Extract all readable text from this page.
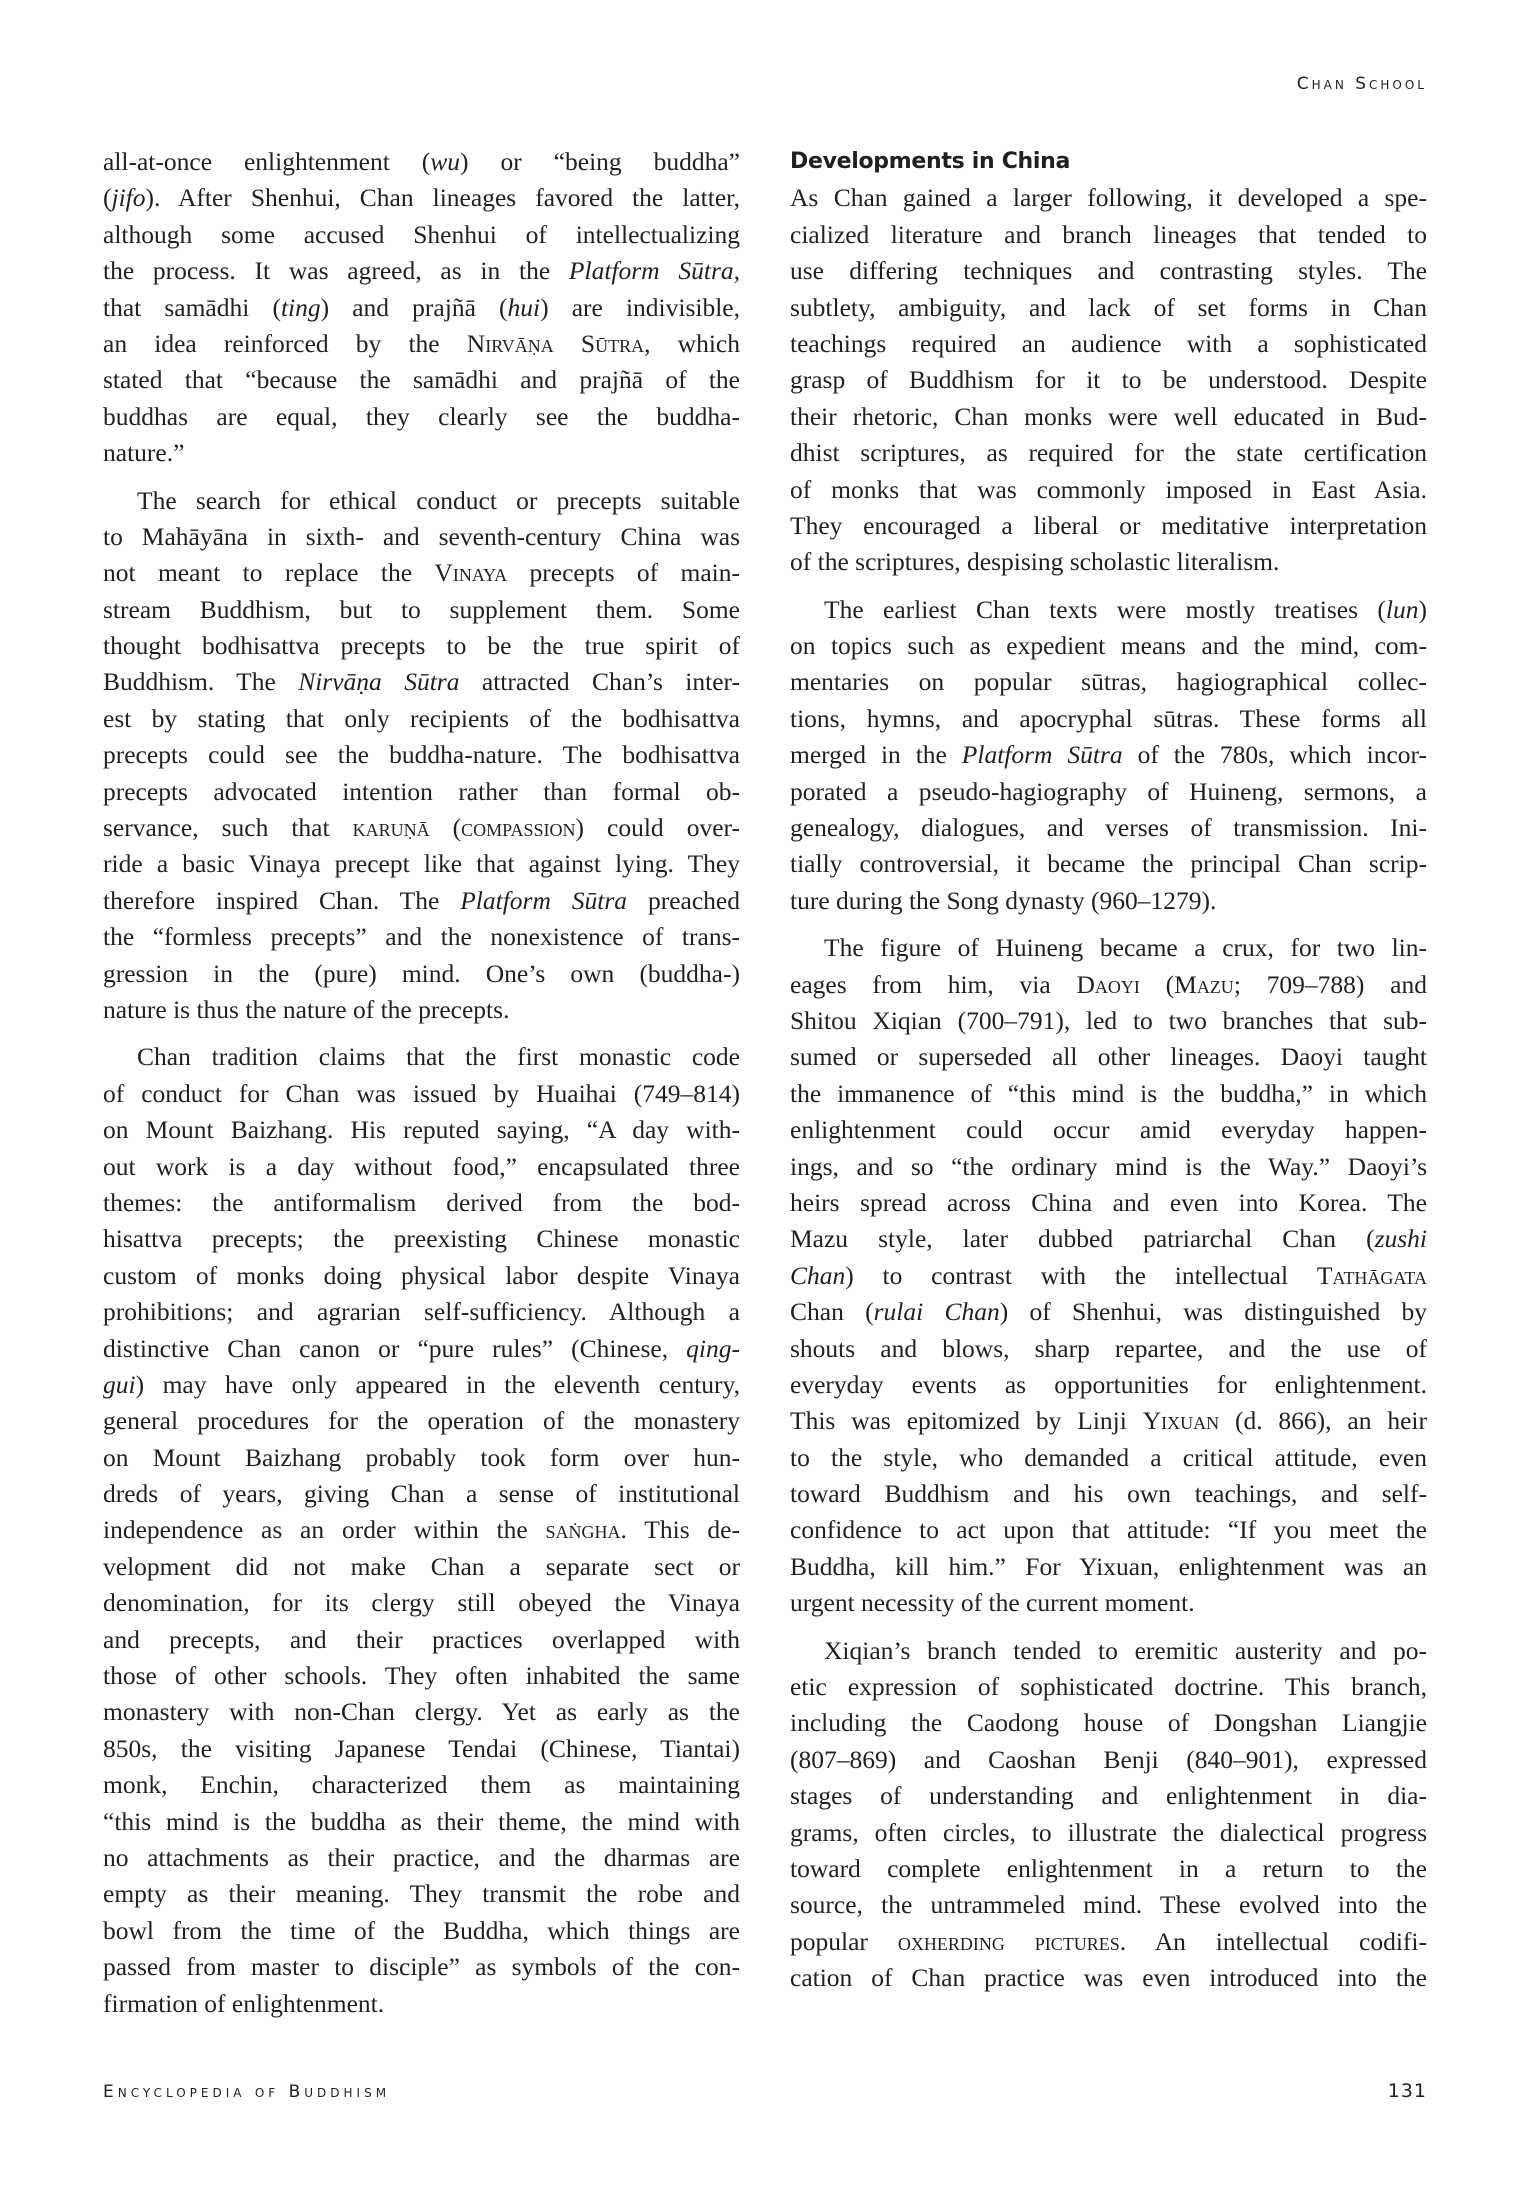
Chan School
all-at-once enlightenment (wu) or “being buddha”
(jifo). After Shenhui, Chan lineages favored the latter,
although some accused Shenhui of intellectualizing
the process. It was agreed, as in the Platform Sūtra,
that samādhi (ting) and prajñā (hui) are indivisible,
an idea reinforced by the Nirvāṇa Sūtra, which
stated that “because the samādhi and prajñā of the
buddhas are equal, they clearly see the buddha-
nature.”
The search for ethical conduct or precepts suitable
to Mahāyāna in sixth- and seventh-century China was
not meant to replace the Vinaya precepts of main-
stream Buddhism, but to supplement them. Some
thought bodhisattva precepts to be the true spirit of
Buddhism. The Nirvāṇa Sūtra attracted Chan’s inter-
est by stating that only recipients of the bodhisattva
precepts could see the buddha-nature. The bodhisattva
precepts advocated intention rather than formal ob-
servance, such that karuṇā (compassion) could over-
ride a basic Vinaya precept like that against lying. They
therefore inspired Chan. The Platform Sūtra preached
the “formless precepts” and the nonexistence of trans-
gression in the (pure) mind. One’s own (buddha-)
nature is thus the nature of the precepts.
Chan tradition claims that the first monastic code
of conduct for Chan was issued by Huaihai (749–814)
on Mount Baizhang. His reputed saying, “A day with-
out work is a day without food,” encapsulated three
themes: the antiformalism derived from the bod-
hisattva precepts; the preexisting Chinese monastic
custom of monks doing physical labor despite Vinaya
prohibitions; and agrarian self-sufficiency. Although a
distinctive Chan canon or “pure rules” (Chinese, qing-
gui) may have only appeared in the eleventh century,
general procedures for the operation of the monastery
on Mount Baizhang probably took form over hun-
dreds of years, giving Chan a sense of institutional
independence as an order within the saṅgha. This de-
velopment did not make Chan a separate sect or
denomination, for its clergy still obeyed the Vinaya
and precepts, and their practices overlapped with
those of other schools. They often inhabited the same
monastery with non-Chan clergy. Yet as early as the
850s, the visiting Japanese Tendai (Chinese, Tiantai)
monk, Enchin, characterized them as maintaining
“this mind is the buddha as their theme, the mind with
no attachments as their practice, and the dharmas are
empty as their meaning. They transmit the robe and
bowl from the time of the Buddha, which things are
passed from master to disciple” as symbols of the con-
firmation of enlightenment.
Developments in China
As Chan gained a larger following, it developed a spe-
cialized literature and branch lineages that tended to
use differing techniques and contrasting styles. The
subtlety, ambiguity, and lack of set forms in Chan
teachings required an audience with a sophisticated
grasp of Buddhism for it to be understood. Despite
their rhetoric, Chan monks were well educated in Bud-
dhist scriptures, as required for the state certification
of monks that was commonly imposed in East Asia.
They encouraged a liberal or meditative interpretation
of the scriptures, despising scholastic literalism.
The earliest Chan texts were mostly treatises (lun)
on topics such as expedient means and the mind, com-
mentaries on popular sūtras, hagiographical collec-
tions, hymns, and apocryphal sūtras. These forms all
merged in the Platform Sūtra of the 780s, which incor-
porated a pseudo-hagiography of Huineng, sermons, a
genealogy, dialogues, and verses of transmission. Ini-
tially controversial, it became the principal Chan scrip-
ture during the Song dynasty (960–1279).
The figure of Huineng became a crux, for two lin-
eages from him, via Daoyi (Mazu; 709–788) and
Shitou Xiqian (700–791), led to two branches that sub-
sumed or superseded all other lineages. Daoyi taught
the immanence of “this mind is the buddha,” in which
enlightenment could occur amid everyday happen-
ings, and so “the ordinary mind is the Way.” Daoyi’s
heirs spread across China and even into Korea. The
Mazu style, later dubbed patriarchal Chan (zushi
Chan) to contrast with the intellectual Tathāgata
Chan (rulai Chan) of Shenhui, was distinguished by
shouts and blows, sharp repartee, and the use of
everyday events as opportunities for enlightenment.
This was epitomized by Linji Yixuan (d. 866), an heir
to the style, who demanded a critical attitude, even
toward Buddhism and his own teachings, and self-
confidence to act upon that attitude: “If you meet the
Buddha, kill him.” For Yixuan, enlightenment was an
urgent necessity of the current moment.
Xiqian’s branch tended to eremitic austerity and po-
etic expression of sophisticated doctrine. This branch,
including the Caodong house of Dongshan Liangjie
(807–869) and Caoshan Benji (840–901), expressed
stages of understanding and enlightenment in dia-
grams, often circles, to illustrate the dialectical progress
toward complete enlightenment in a return to the
source, the untrammeled mind. These evolved into the
popular oxherding pictures. An intellectual codifi-
cation of Chan practice was even introduced into the
Encyclopedia of Buddhism	131
